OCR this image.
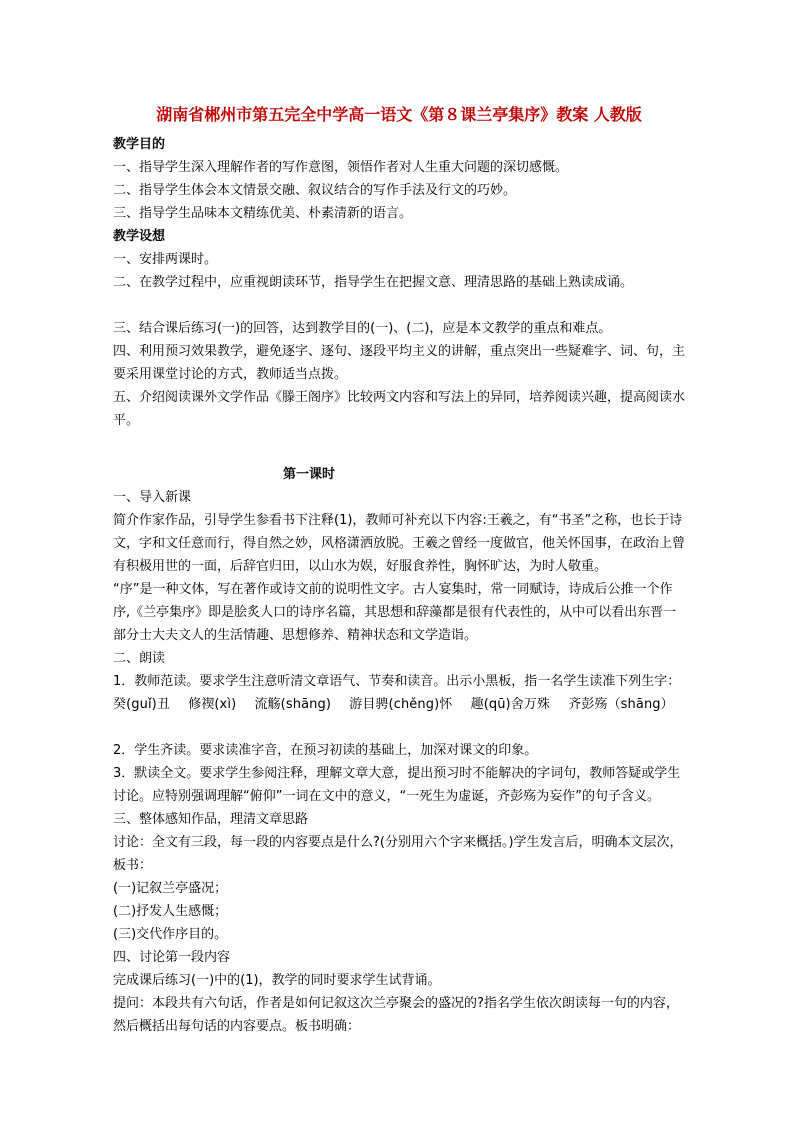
湖南省郴州市第五完全中学高一语文《第８课兰亭集序》教案 人教版

教学目的

一、指导学生深入理解作者的写作意图，领悟作者对人生重大问题的深切感慨。

二、指导学生体会本文情景交融、叙议结合的写作手法及行文的巧妙。

三、指导学生品味本文精练优美、朴素清新的语言。

教学设想

一、安排两课时。

二、在教学过程中，应重视朗读环节，指导学生在把握文意、理清思路的基础上熟读成诵。

三、结合课后练习(一)的回答，达到教学目的(一)、(二)，应是本文教学的重点和难点。

四、利用预习效果教学，避免逐字、逐句、逐段平均主义的讲解，重点突出一些疑难字、词、句，主要采用课堂讨论的方式，教师适当点拨。

五、介绍阅读课外文学作品《滕王阁序》比较两文内容和写法上的异同，培养阅读兴趣，提高阅读水平。

第一课时

一、导入新课

简介作家作品，引导学生参看书下注释(1)，教师可补充以下内容:王羲之，有“书圣”之称，也长于诗文，字和文任意而行，得自然之妙，风格潇洒放脱。王羲之曾经一度做官，他关怀国事，在政治上曾有积极用世的一面，后辞官归田，以山水为娱，好服食养性，胸怀旷达，为时人敬重。

“序”是一种文体，写在著作或诗文前的说明性文字。古人宴集时，常一同赋诗，诗成后公推一个作序,《兰亭集序》即是脍炙人口的诗序名篇，其思想和辞藻都是很有代表性的，从中可以看出东晋一部分士大夫文人的生活情趣、思想修养、精神状态和文学造诣。

二、朗读

1．教师范读。要求学生注意听清文章语气、节奏和读音。出示小黑板，指一名学生读准下列生字：

癸(guǐ)丑 修禊(xì) 流觞(shāng) 游目骋(chěng)怀 趣(qū)舍万殊 齐彭殇（shāng）

2．学生齐读。要求读准字音，在预习初读的基础上，加深对课文的印象。

3．默读全文。要求学生参阅注释，理解文章大意，提出预习时不能解决的字词句，教师答疑或学生讨论。应特别强调理解“俯仰”一词在文中的意义，“一死生为虚诞，齐彭殇为妄作”的句子含义。

三、整体感知作品，理清文章思路

讨论：全文有三段，每一段的内容要点是什么?(分别用六个字来概括。)学生发言后，明确本文层次，板书：

(一)记叙兰亭盛况；

(二)抒发人生感慨；

(三)交代作序目的。

四、讨论第一段内容

完成课后练习(一)中的(1)，教学的同时要求学生试背诵。

提问：本段共有六句话，作者是如何记叙这次兰亭聚会的盛况的?指名学生依次朗读每一句的内容，然后概括出每句话的内容要点。板书明确：
